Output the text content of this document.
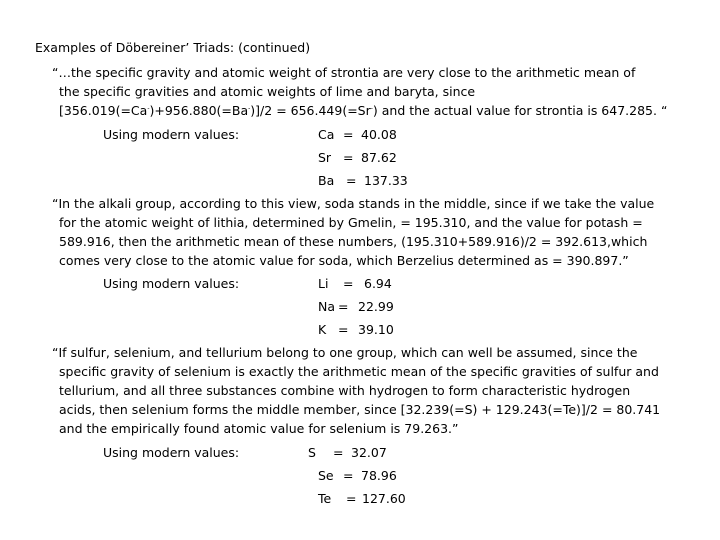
Examples of Döbereiner’ Triads: (continued)
“…the specific gravity and atomic weight of strontia are very close to the arithmetic mean of
the specific gravities and atomic weights of lime and baryta, since
[356.019(=Ca-)+956.880(=Ba-)]/2 = 656.449(=Sr-) and the actual value for strontia is 647.285. “
Using modern values:	Ca = 40.08
Sr = 87.62
Ba = 137.33
“In the alkali group, according to this view, soda stands in the middle, since if we take the value
for the atomic weight of lithia, determined by Gmelin, = 195.310, and the value for potash =
589.916, then the arithmetic mean of these numbers, (195.310+589.916)/2 = 392.613,which
comes very close to the atomic value for soda, which Berzelius determined as = 390.897.”
Using modern values:	Li = 6.94
Na = 22.99
K = 39.10
“If sulfur, selenium, and tellurium belong to one group, which can well be assumed, since the
specific gravity of selenium is exactly the arithmetic mean of the specific gravities of sulfur and
tellurium, and all three substances combine with hydrogen to form characteristic hydrogen
acids, then selenium forms the middle member, since [32.239(=S) + 129.243(=Te)]/2 = 80.741
and the empirically found atomic value for selenium is 79.263.”
Using modern values:	S = 32.07
Se = 78.96
Te = 127.60
